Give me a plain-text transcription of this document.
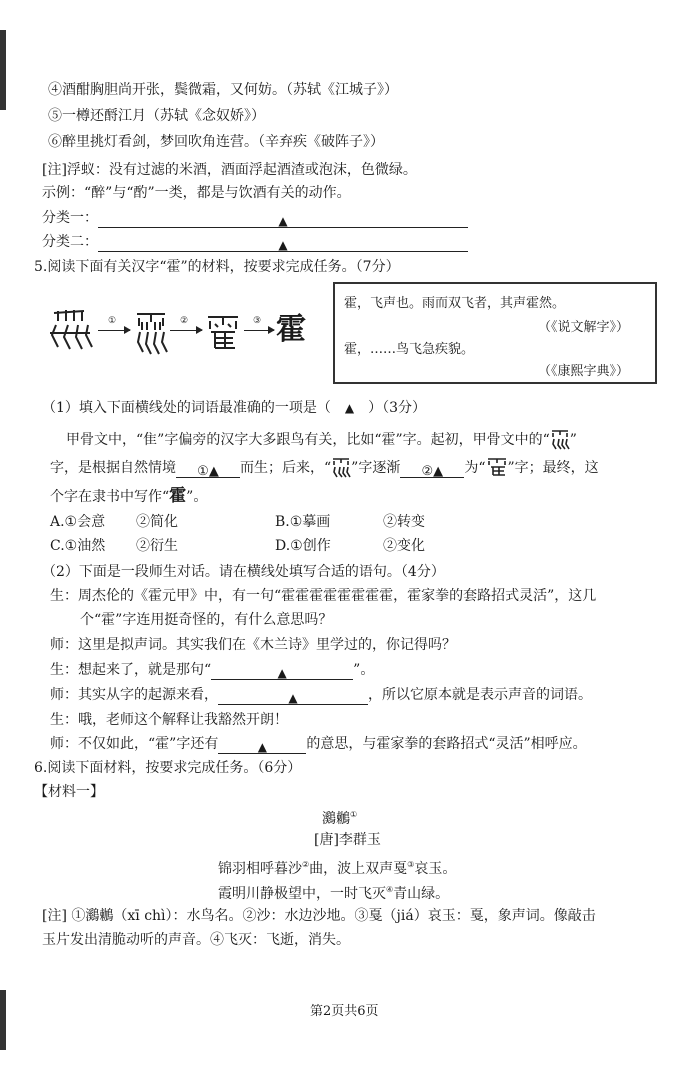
④酒酣胸胆尚开张，鬓微霜，又何妨。（苏轼《江城子》）
⑤一樽还酹江月（苏轼《念奴娇》）
⑥醉里挑灯看剑，梦回吹角连营。（辛弃疾《破阵子》）
[注]浮蚁：没有过滤的米酒，酒面浮起酒渣或泡沫，色微绿。
示例：“醉”与“酌”一类，都是与饮酒有关的动作。
分类一：	▲
分类二：	▲
5.阅读下面有关汉字“霍”的材料，按要求完成任务。（7分）
①	②	③ 霍
霍，飞声也。雨而双飞者，其声霍然。
（《说文解字》）
霍，……鸟飞急疾貌。
（《康熙字典》）
（1）填入下面横线处的词语最准确的一项是（ ▲ ）（3分）
甲骨文中，“隹”字偏旁的汉字大多跟鸟有关，比如“霍”字。起初，甲骨文中的“ ”
字，是根据自然情境 ①▲ 而生；后来，“ ”字逐渐 ②▲ 为“ ”字；最终，这
个字在隶书中写作“霍”。
A.①会意 ②简化	B.①摹画	②转变
C.①油然 ②衍生	D.①创作	②变化
（2）下面是一段师生对话。请在横线处填写合适的语句。（4分）
生：周杰伦的《霍元甲》中，有一句“霍霍霍霍霍霍霍霍，霍家拳的套路招式灵活”，这几
个“霍”字连用挺奇怪的，有什么意思吗？
师：这里是拟声词。其实我们在《木兰诗》里学过的，你记得吗？
生：想起来了，就是那句“	▲	”。
师：其实从字的起源来看，	▲	，所以它原本就是表示声音的词语。
生：哦，老师这个解释让我豁然开朗！
师：不仅如此，“霍”字还有	▲	的意思，与霍家拳的套路招式“灵活”相呼应。
6.阅读下面材料，按要求完成任务。（6分）
【材料一】
鸂鶒①
[唐]李群玉
锦羽相呼暮沙②曲，波上双声戛③哀玉。
霞明川静极望中，一时飞灭④青山绿。
[注] ①鸂鶒（xī chì）：水鸟名。②沙：水边沙地。③戛（jiá）哀玉：戛，象声词。像敲击
玉片发出清脆动听的声音。④飞灭：飞逝，消失。
第2页共6页
